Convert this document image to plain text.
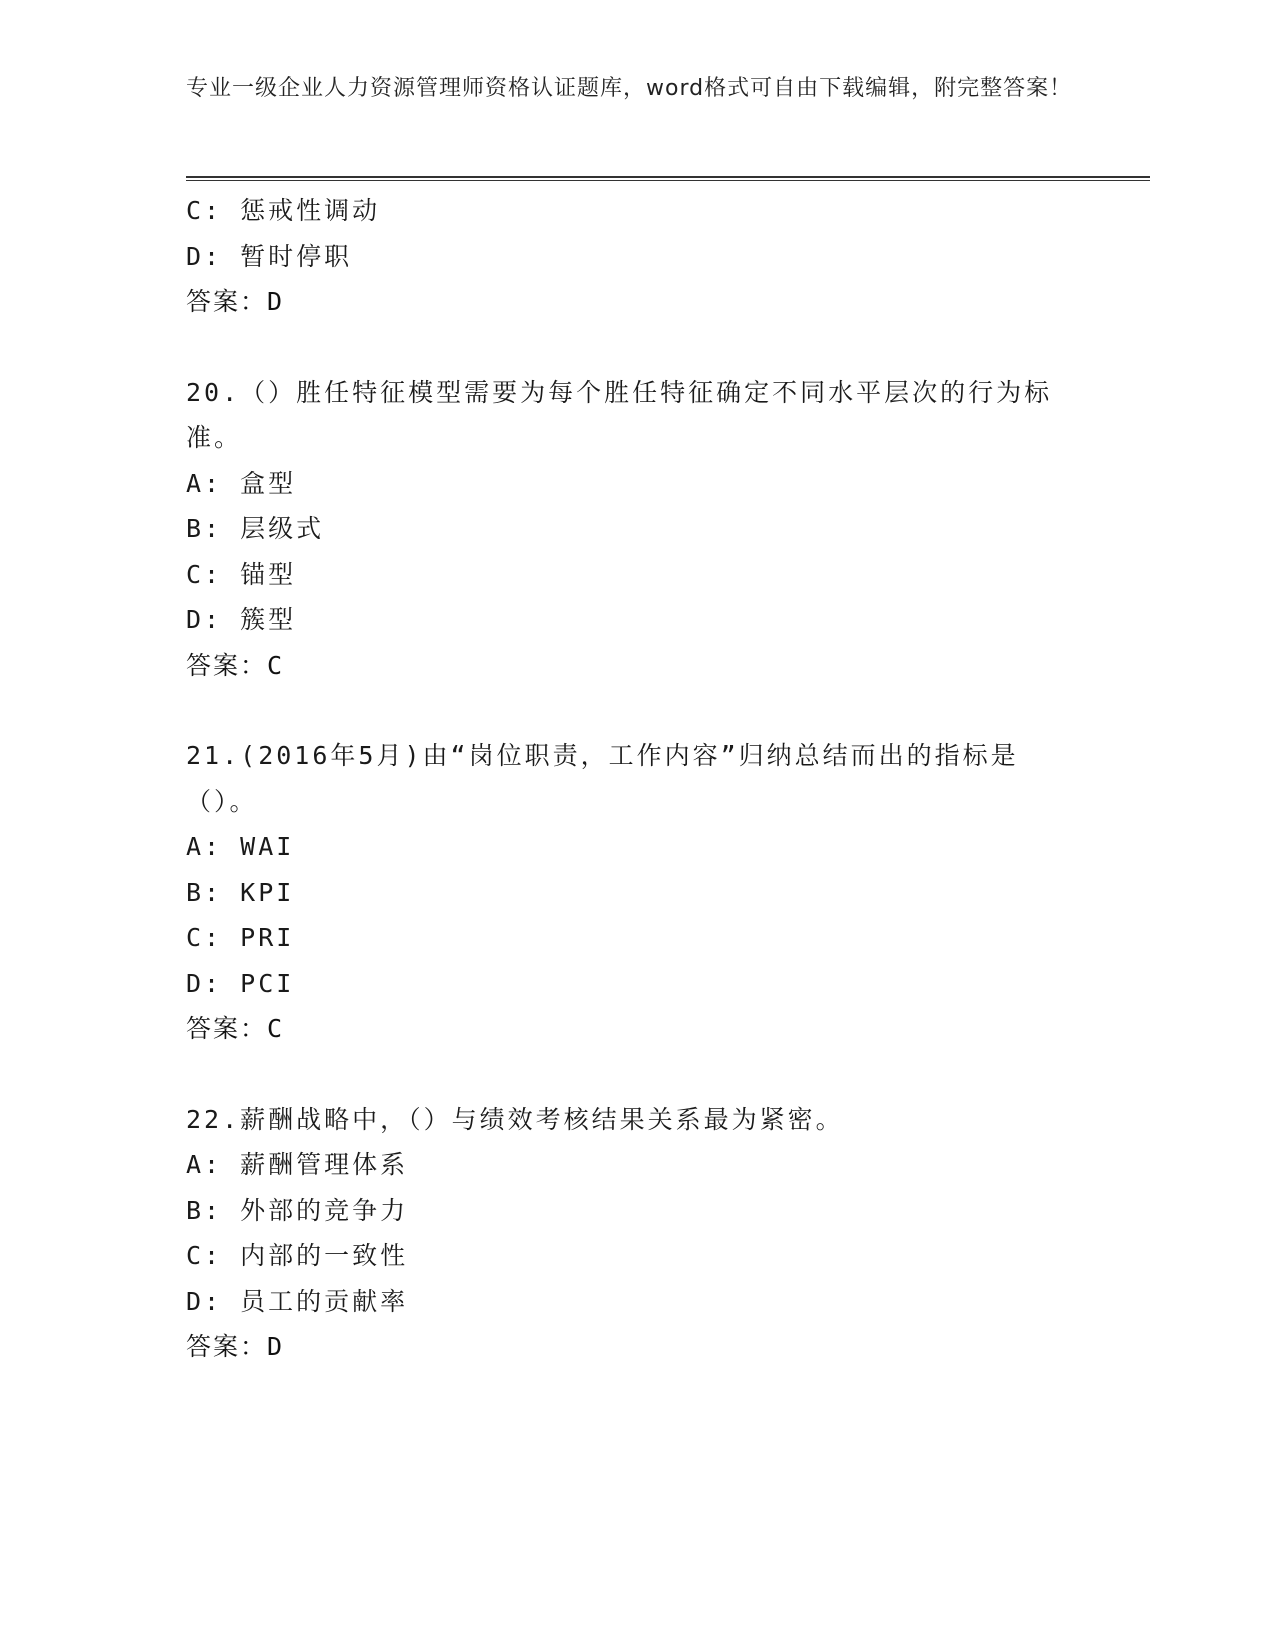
专业一级企业人力资源管理师资格认证题库，word格式可自由下载编辑，附完整答案！
C: 惩戒性调动
D: 暂时停职
答案：D
20.（）胜任特征模型需要为每个胜任特征确定不同水平层次的行为标准。
A: 盒型
B: 层级式
C: 锚型
D: 簇型
答案：C
21.(2016年5月)由“岗位职责，工作内容”归纳总结而出的指标是（）。
A: WAI
B: KPI
C: PRI
D: PCI
答案：C
22.薪酬战略中，（）与绩效考核结果关系最为紧密。
A: 薪酬管理体系
B: 外部的竞争力
C: 内部的一致性
D: 员工的贡献率
答案：D
